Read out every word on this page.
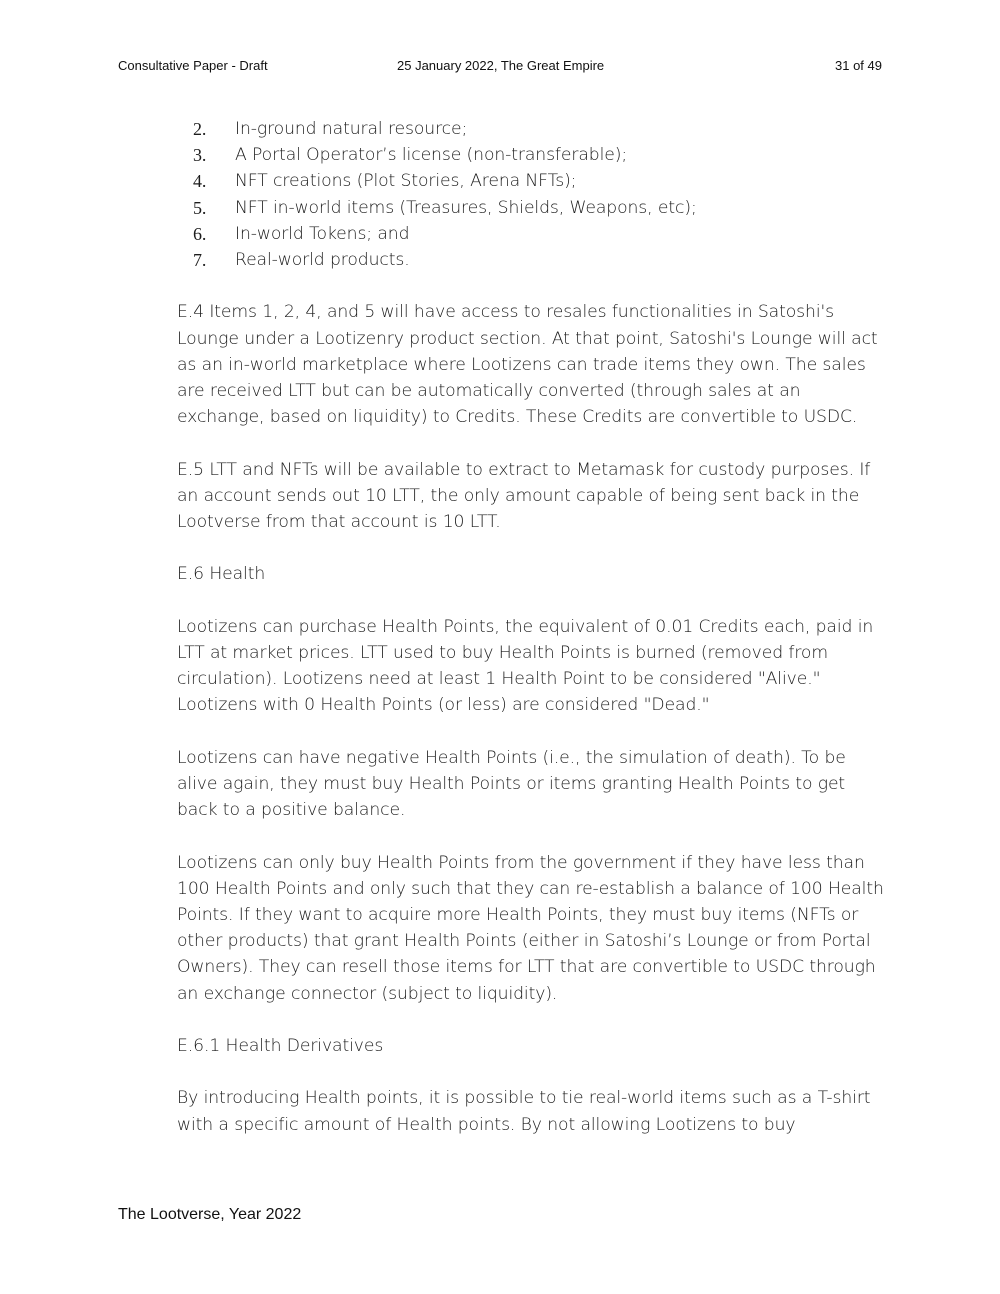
Consultative Paper - Draft	25 January 2022, The Great Empire	31 of 49
2. In-ground natural resource;
3. A Portal Operator’s license (non-transferable);
4. NFT creations (Plot Stories, Arena NFTs);
5. NFT in-world items (Treasures, Shields, Weapons, etc);
6. In-world Tokens; and
7. Real-world products.

E.4 Items 1, 2, 4, and 5 will have access to resales functionalities in Satoshi's Lounge under a Lootizenry product section. At that point, Satoshi's Lounge will act as an in-world marketplace where Lootizens can trade items they own. The sales are received LTT but can be automatically converted (through sales at an exchange, based on liquidity) to Credits. These Credits are convertible to USDC.

E.5 LTT and NFTs will be available to extract to Metamask for custody purposes. If an account sends out 10 LTT, the only amount capable of being sent back in the Lootverse from that account is 10 LTT.

E.6 Health

Lootizens can purchase Health Points, the equivalent of 0.01 Credits each, paid in LTT at market prices. LTT used to buy Health Points is burned (removed from circulation). Lootizens need at least 1 Health Point to be considered "Alive." Lootizens with 0 Health Points (or less) are considered "Dead."

Lootizens can have negative Health Points (i.e., the simulation of death). To be alive again, they must buy Health Points or items granting Health Points to get back to a positive balance.

Lootizens can only buy Health Points from the government if they have less than 100 Health Points and only such that they can re-establish a balance of 100 Health Points. If they want to acquire more Health Points, they must buy items (NFTs or other products) that grant Health Points (either in Satoshi’s Lounge or from Portal Owners). They can resell those items for LTT that are convertible to USDC through an exchange connector (subject to liquidity).

E.6.1 Health Derivatives

By introducing Health points, it is possible to tie real-world items such as a T-shirt with a specific amount of Health points. By not allowing Lootizens to buy

The Lootverse, Year 2022
